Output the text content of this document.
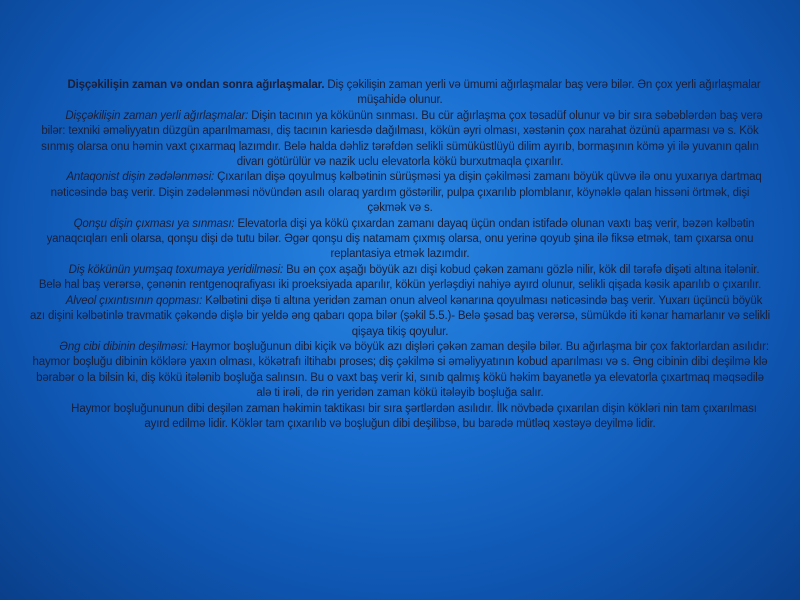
Dişçəkilişin zaman və ondan sonra ağırlaşmalar. Diş çəkilişin zaman yerli və ümumi ağırlaşmalar baş verə bilər. Ən çox yerli ağırlaşmalar müşahidə olunur.

Dişçəkilişin zaman yerli ağırlaşmalar: Dişin tacının ya kökünün sınması. Bu cür ağırlaşma çox təsadüf olunur və bir sıra səbəblərdən baş verə bilər: texniki əməliyyatın düzgün aparılmaması, diş tacının kariesdə dağılması, kökün əyri olması, xəstənin çox narahat özünü aparması və s. Kök sınmış olarsa onu həmin vaxt çıxarmaq lazımdır. Belə halda dəhliz tərəfdən selikli sümüküstlüyü dilim ayırıb, bormaşının kömə yi ilə yuvanın qalın divarı götürülür və nazik uclu elevatorla kökü burxutmaqla çıxarılır.

Antaqonist dişin zədələnməsi: Çıxarılan dişə qoyulmuş kəlbətinin sürüşməsi ya dişin çəkilməsi zamanı böyük qüvvə ilə onu yuxarıya dartmaq nəticəsində baş verir. Dişin zədələnməsi növündən asılı olaraq yardım göstərilir, pulpa çıxarılıb plomblanır, köynəklə qalan hissəni örtmək, dişi çəkmək və s.

Qonşu dişin çıxması ya sınması: Elevatorla dişi ya kökü çıxardan zamanı dayaq üçün ondan istifadə olunan vaxtı baş verir, bəzən kəlbətin yanaqcıqları enli olarsa, qonşu dişi də tutu bilər. Əgər qonşu diş natamam çıxmış olarsa, onu yerinə qoyub şina ilə fiksə etmək, tam çıxarsa onu replantasiya etmək lazımdır.

Diş kökünün yumşaq toxumaya yeridilməsi: Bu ən çox aşağı böyük azı dişi kobud çəkən zamanı gözlə nilir, kök dil tərəfə dişəti altına itələnir. Belə hal baş verərsə, çənənin rentgenoqrafiyası iki proeksiyada aparılır, kökün yerləşdiyi nahiyə ayırd olunur, selikli qişada kəsik aparılıb o çıxarılır.

Alveol çıxıntısının qopması: Kəlbətini dişə ti altına yeridən zaman onun alveol kənarına qoyulması nəticəsində baş verir. Yuxarı üçüncü böyük azı dişini kəlbətinlə travmatik çəkəndə dişlə bir yeldə əng qabarı qopa bilər (şəkil 5.5.)- Belə şəsad baş verərsə, sümükdə iti kənar hamarlanır və selikli qişaya tikiş qoyulur.

Əng cibi dibinin deşilməsi: Haymor boşluğunun dibi kiçik və böyük azı dişləri çəkən zaman deşilə bilər. Bu ağırlaşma bir çox faktorlardan asılıdır: haymor boşluğu dibinin köklərə yaxın olması, kökətrafı iltihabı proses; diş çəkilmə si əməliyyatının kobud aparılması və s. Əng cibinin dibi deşilmə klə bərabər o la bilsin ki, diş kökü itələnib boşluğa salınsın. Bu o vaxt baş verir ki, sınıb qalmış kökü həkim bayanetlə ya elevatorla çıxartmaq məqsədilə alə ti irəli, də rin yeridən zaman kökü itələyib boşluğa salır.

Haymor boşluğununun dibi deşilən zaman həkimin taktikası bir sıra şərtlərdən asılıdır. İlk növbədə çıxarılan dişin kökləri nin tam çıxarılması ayırd edilmə lidir. Köklər tam çıxarılıb və boşluğun dibi deşilibsə, bu barədə mütləq xəstəyə deyilmə lidir.
